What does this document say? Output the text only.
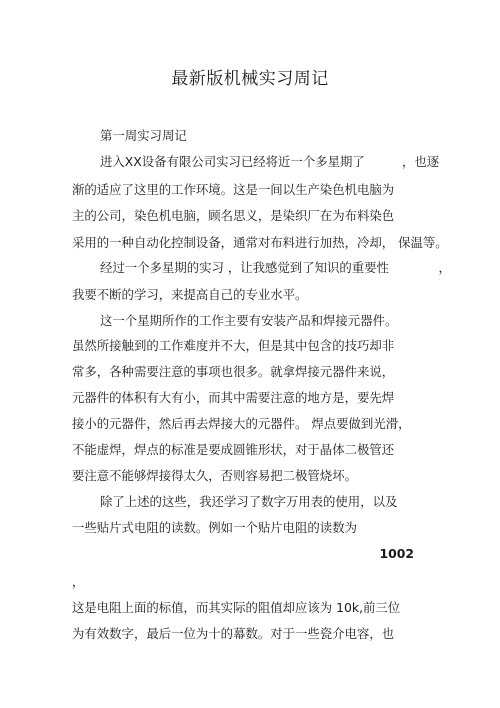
最新版机械实习周记
第一周实习周记
进入XX设备有限公司实习已经将近一个多星期了　　　，也逐
渐的适应了这里的工作环境。这是一间以生产染色机电脑为
主的公司，染色机电脑，顾名思义，是染织厂在为布料染色
采用的一种自动化控制设备，通常对布料进行加热，冷却， 保温等。
经过一个多星期的实习 ，让我感觉到了知识的重要性　　　　，
我要不断的学习，来提高自己的专业水平。
这一个星期所作的工作主要有安装产品和焊接元器件。
虽然所接触到的工作难度并不大，但是其中包含的技巧却非
常多，各种需要注意的事项也很多。就拿焊接元器件来说，
元器件的体积有大有小，而其中需要注意的地方是，要先焊
接小的元器件，然后再去焊接大的元器件。 焊点要做到光滑，
不能虚焊，焊点的标准是要成圆锥形状，对于晶体二极管还
要注意不能够焊接得太久，否则容易把二极管烧坏。
除了上述的这些，我还学习了数字万用表的使用，以及
一些贴片式电阻的读数。例如一个贴片电阻的读数为
1002
，
这是电阻上面的标值，而其实际的阻值却应该为 10k,前三位
为有效数字，最后一位为十的幕数。对于一些瓷介电容，也
